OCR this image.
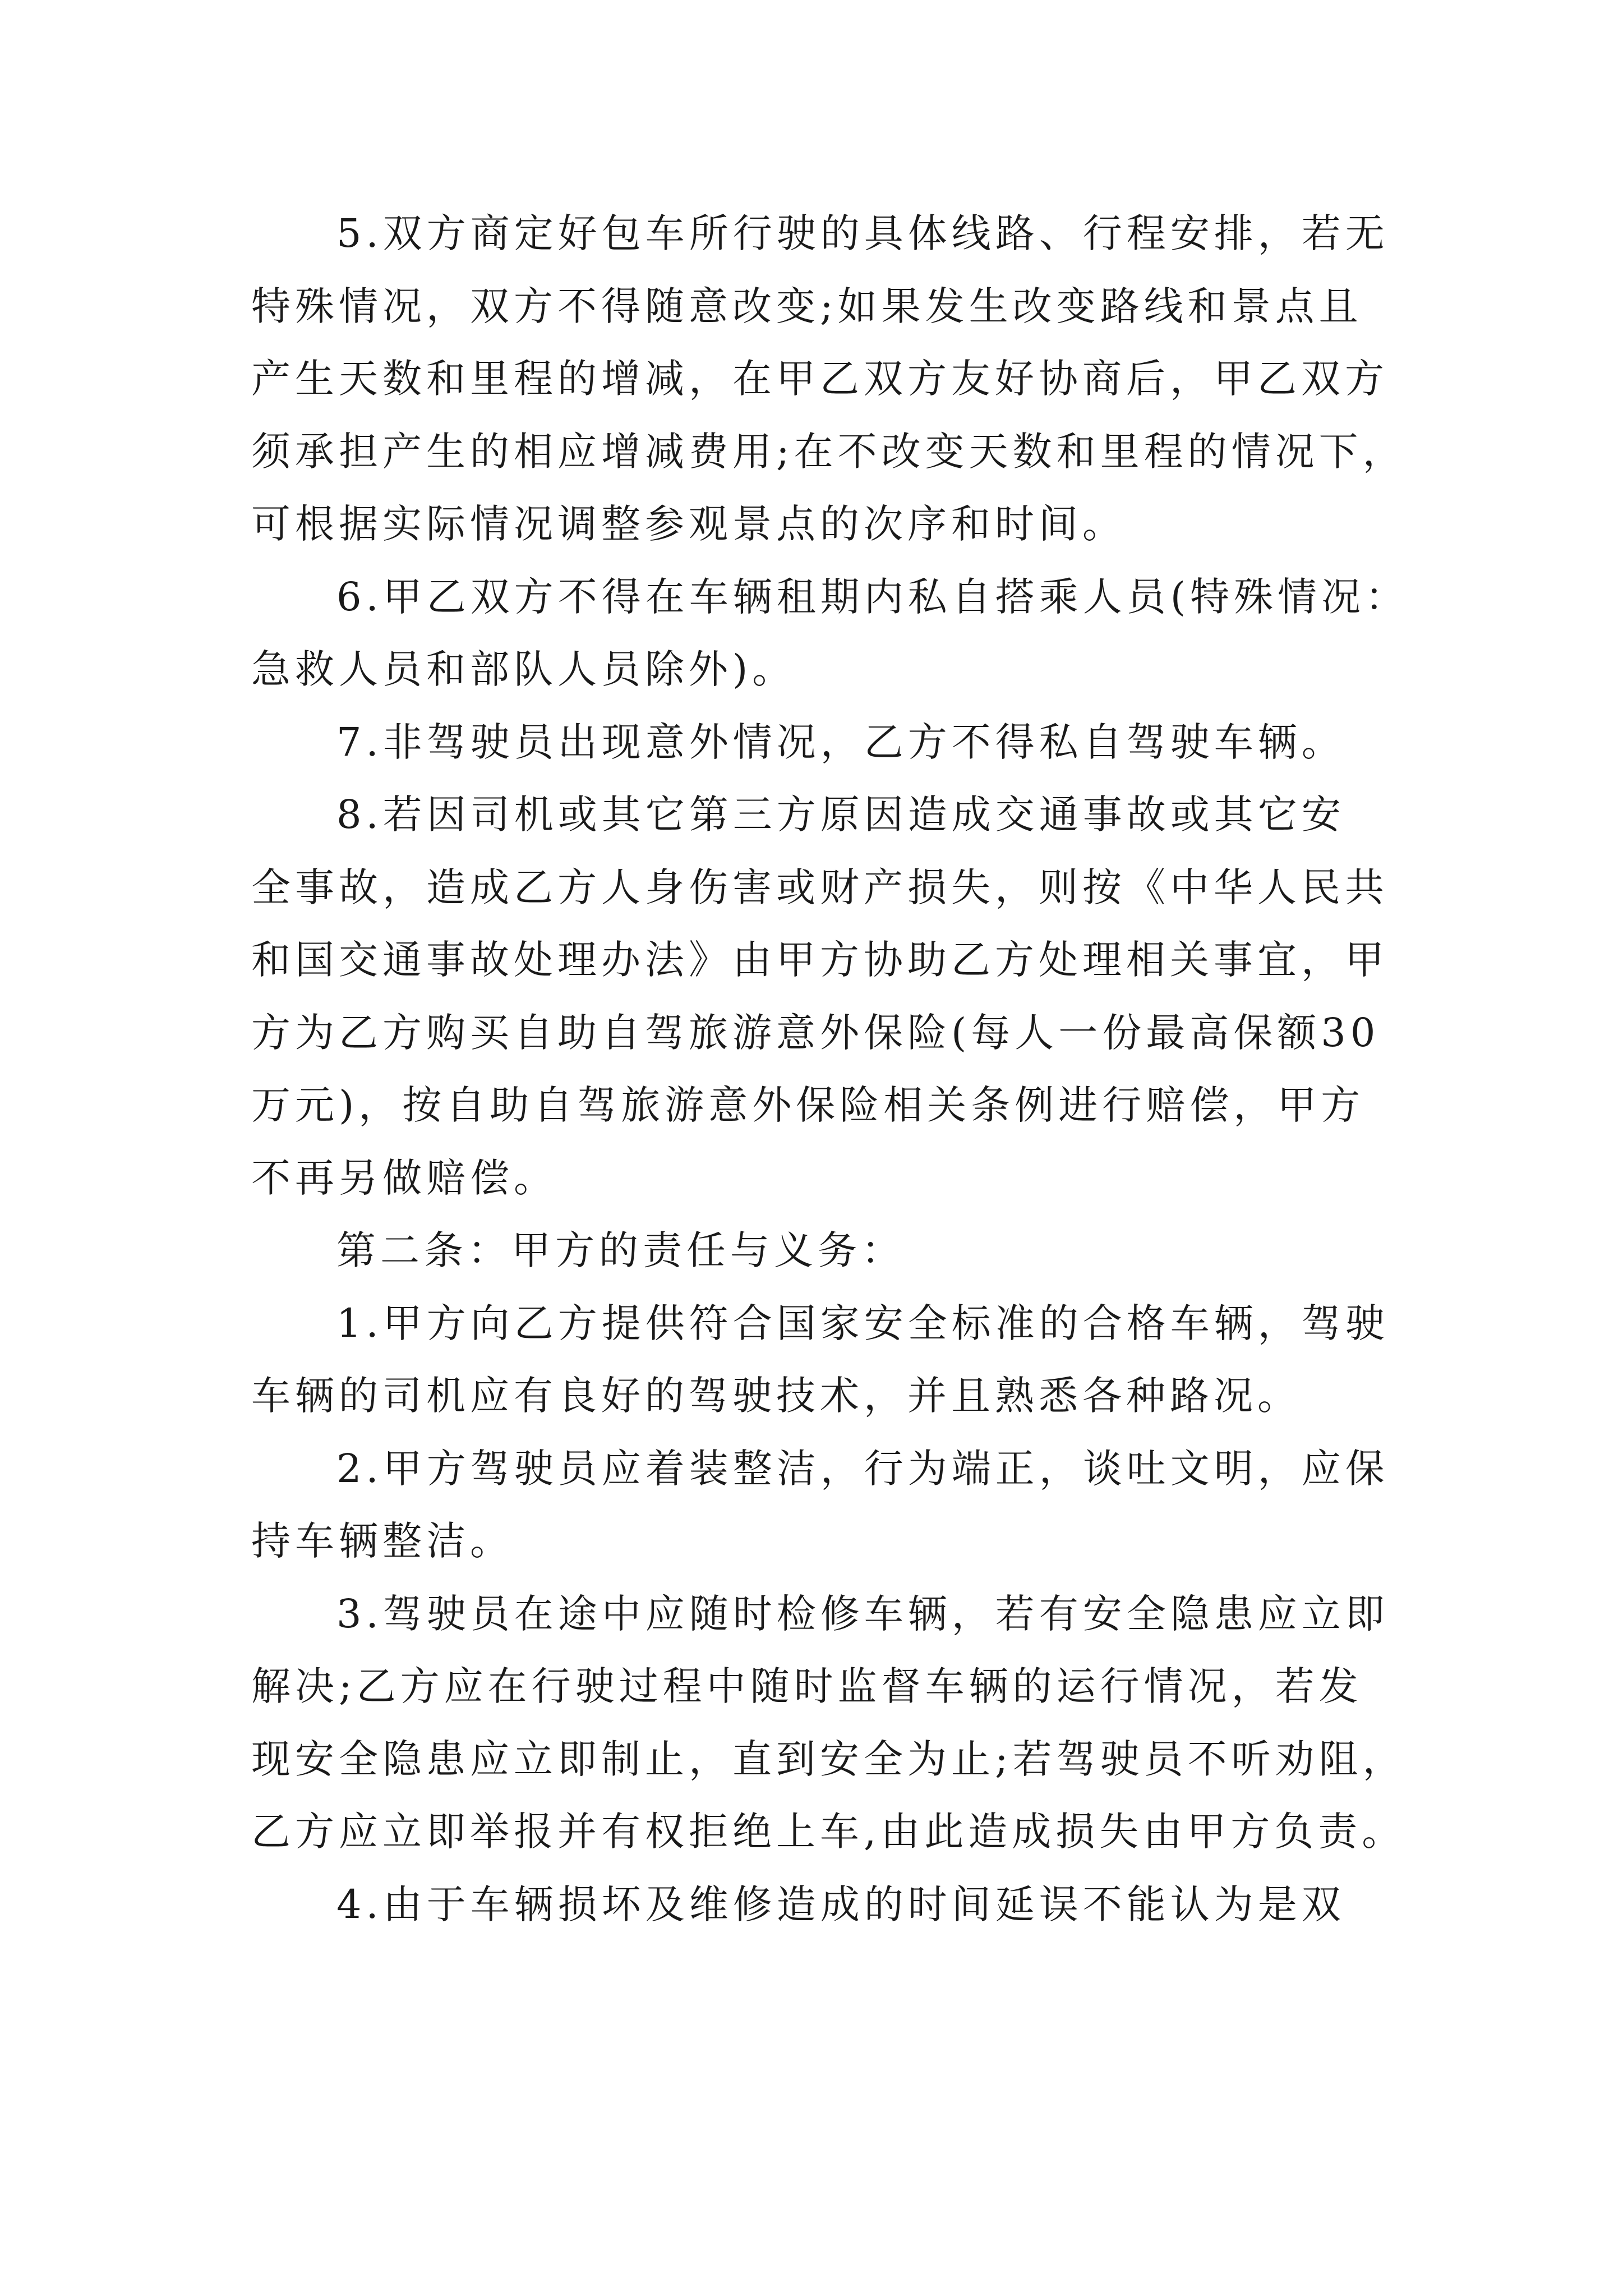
5.双方商定好包车所行驶的具体线路、行程安排，若无
特殊情况，双方不得随意改变;如果发生改变路线和景点且
产生天数和里程的增减，在甲乙双方友好协商后，甲乙双方
须承担产生的相应增减费用;在不改变天数和里程的情况下，
可根据实际情况调整参观景点的次序和时间。
6.甲乙双方不得在车辆租期内私自搭乘人员(特殊情况：
急救人员和部队人员除外)。
7.非驾驶员出现意外情况，乙方不得私自驾驶车辆。
8.若因司机或其它第三方原因造成交通事故或其它安
全事故，造成乙方人身伤害或财产损失，则按《中华人民共
和国交通事故处理办法》由甲方协助乙方处理相关事宜，甲
方为乙方购买自助自驾旅游意外保险(每人一份最高保额30
万元)，按自助自驾旅游意外保险相关条例进行赔偿，甲方
不再另做赔偿。
第二条：甲方的责任与义务：
1.甲方向乙方提供符合国家安全标准的合格车辆，驾驶
车辆的司机应有良好的驾驶技术，并且熟悉各种路况。
2.甲方驾驶员应着装整洁，行为端正，谈吐文明，应保
持车辆整洁。
3.驾驶员在途中应随时检修车辆，若有安全隐患应立即
解决;乙方应在行驶过程中随时监督车辆的运行情况，若发
现安全隐患应立即制止，直到安全为止;若驾驶员不听劝阻，
乙方应立即举报并有权拒绝上车,由此造成损失由甲方负责。
4.由于车辆损坏及维修造成的时间延误不能认为是双
